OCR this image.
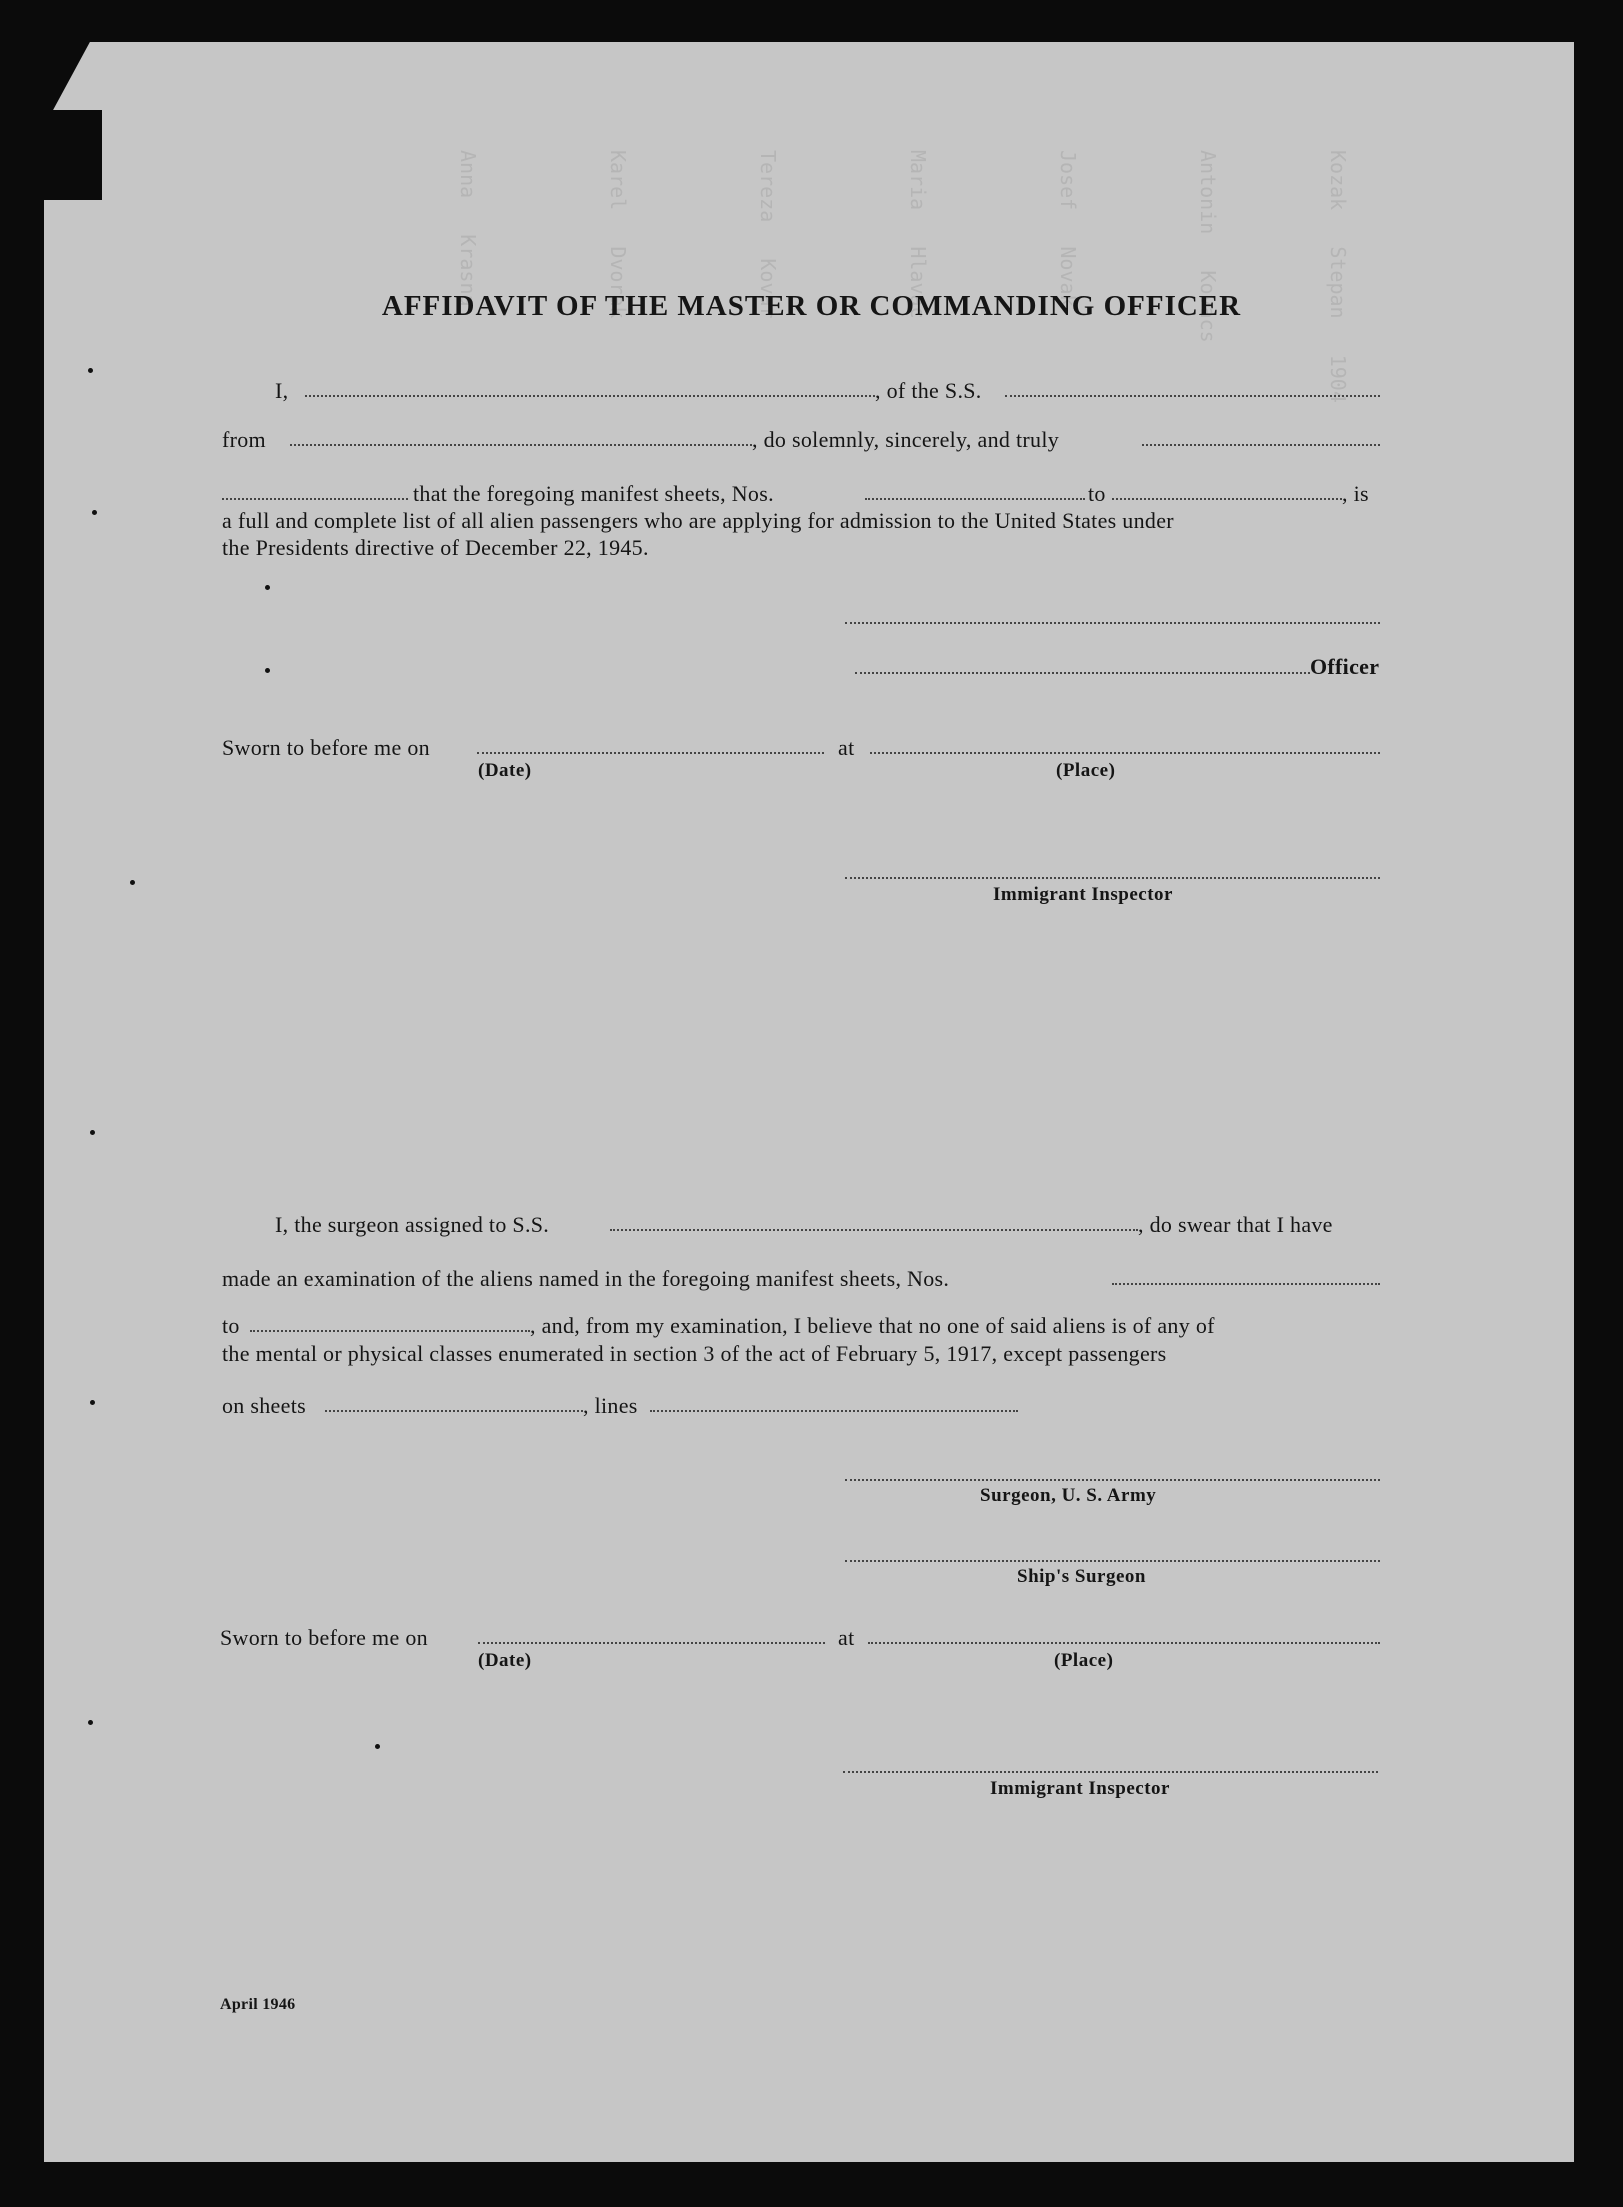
Kozak   Stepan   1904
Antonin   Kovacs
Josef   Novak
Maria   Hlavac
Tereza   Kovar
Karel   Dvorak
Anna   Krasna
AFFIDAVIT OF THE MASTER OR COMMANDING OFFICER
I,	, of the S.S.
from	, do solemnly, sincerely, and truly
that the foregoing manifest sheets, Nos.	to	, is
a full and complete list of all alien passengers who are applying for admission to the United States under
the Presidents directive of December 22, 1945.
Officer
Sworn to before me on	at
(Date)	(Place)
Immigrant Inspector
I, the surgeon assigned to S.S.	, do swear that I have
made an examination of the aliens named in the foregoing manifest sheets, Nos.
to	, and, from my examination, I believe that no one of said aliens is of any of
the mental or physical classes enumerated in section 3 of the act of February 5, 1917, except passengers
on sheets	, lines
Surgeon, U. S. Army
Ship's Surgeon
Sworn to before me on	at
(Date)	(Place)
Immigrant Inspector
April 1946
